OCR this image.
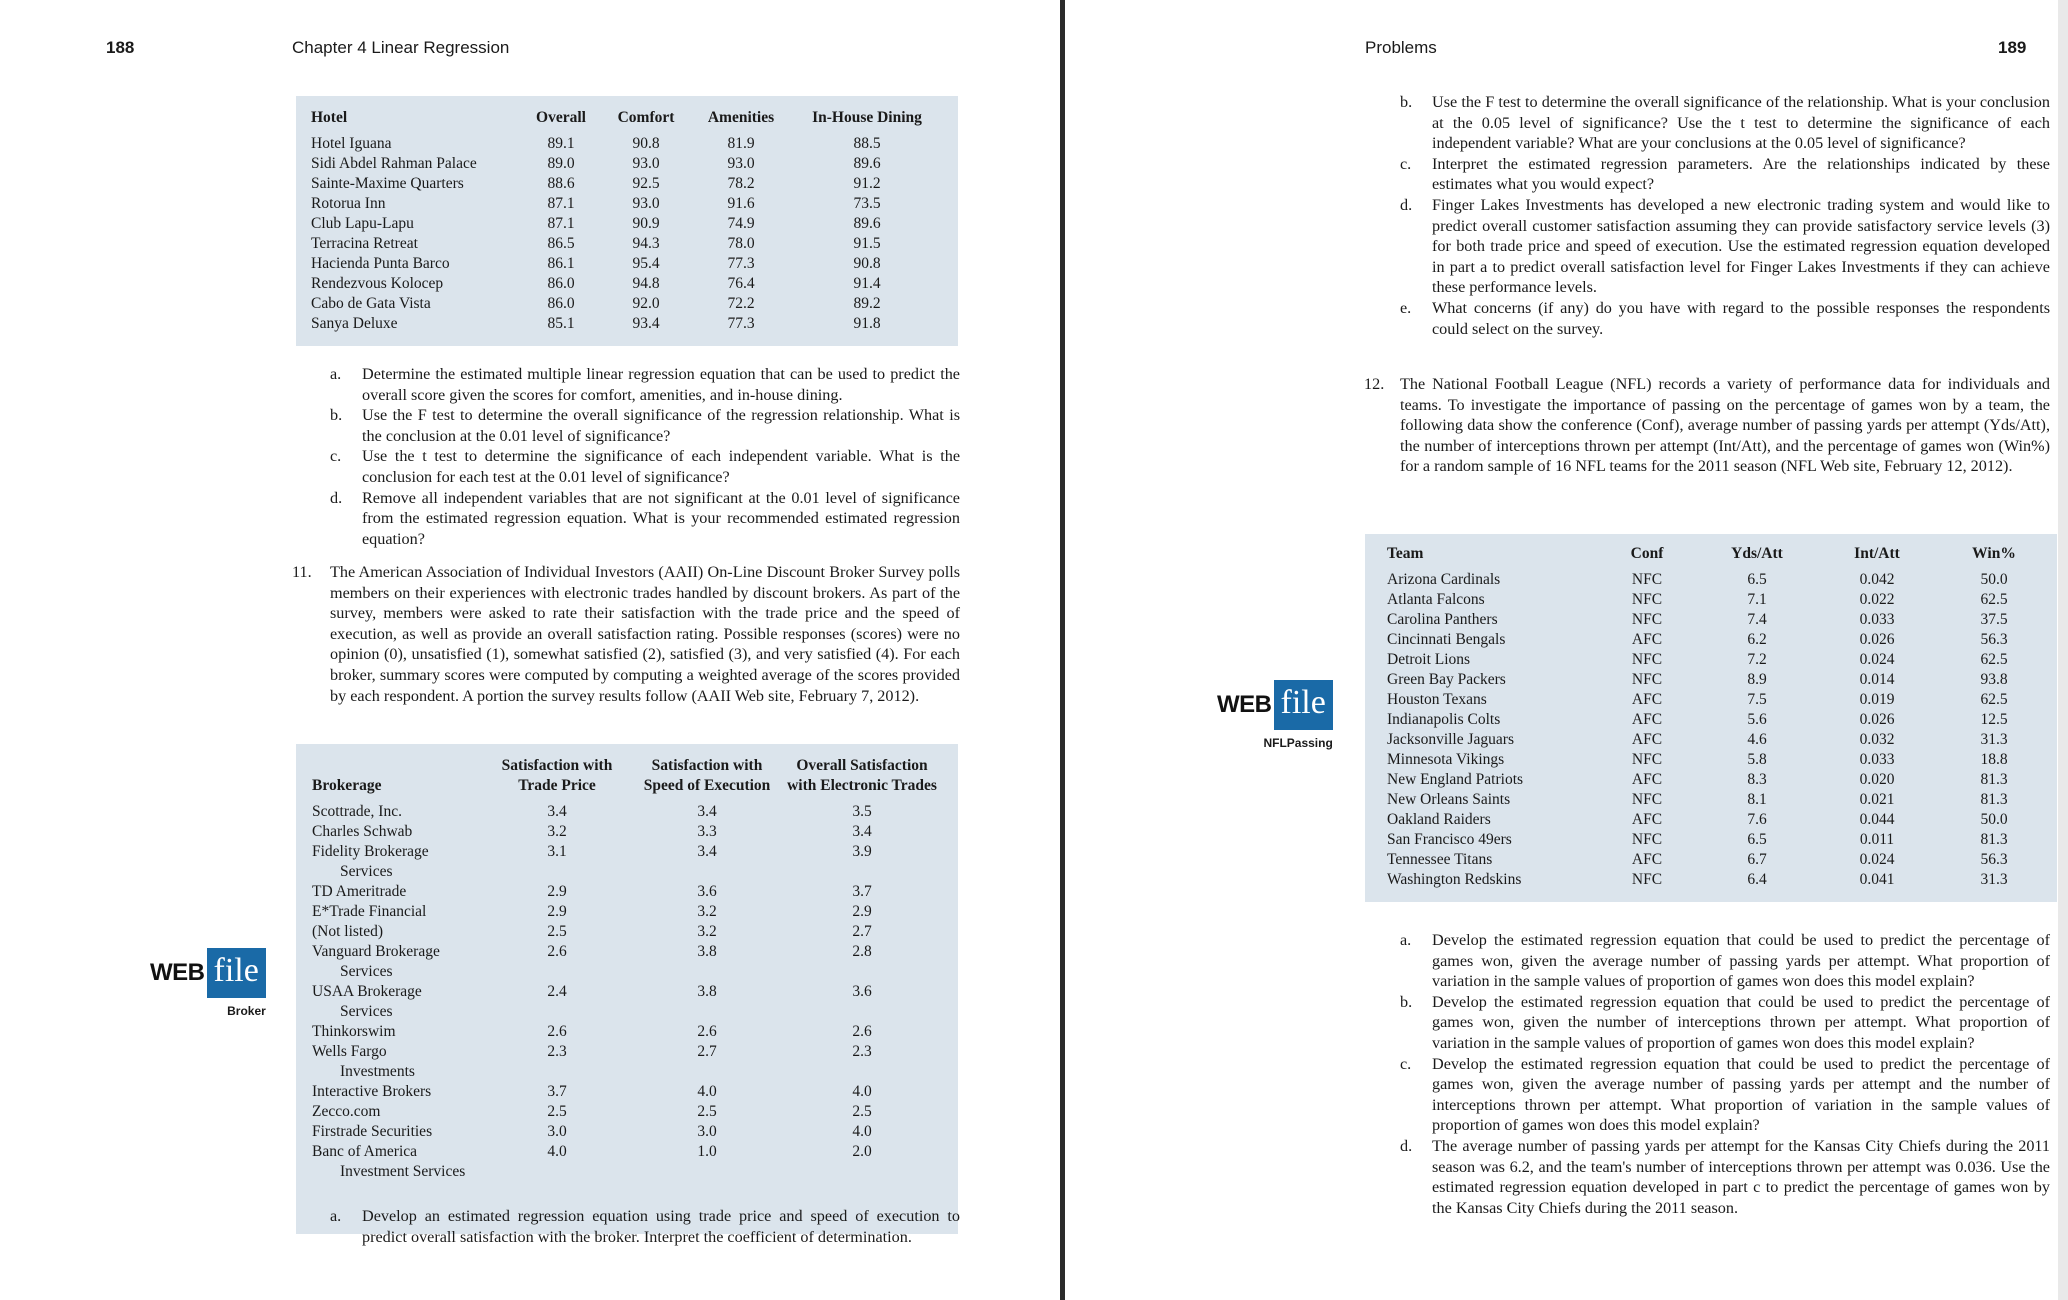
188	Chapter 4 Linear Regression
Hotel	Overall	Comfort	Amenities	In-House Dining
Hotel Iguana	89.1	90.8	81.9	88.5
Sidi Abdel Rahman Palace	89.0	93.0	93.0	89.6
Sainte-Maxime Quarters	88.6	92.5	78.2	91.2
Rotorua Inn	87.1	93.0	91.6	73.5
Club Lapu-Lapu	87.1	90.9	74.9	89.6
Terracina Retreat	86.5	94.3	78.0	91.5
Hacienda Punta Barco	86.1	95.4	77.3	90.8
Rendezvous Kolocep	86.0	94.8	76.4	91.4
Cabo de Gata Vista	86.0	92.0	72.2	89.2
Sanya Deluxe	85.1	93.4	77.3	91.8
a. Determine the estimated multiple linear regression equation that can be used to predict the overall score given the scores for comfort, amenities, and in-house dining.
b. Use the F test to determine the overall significance of the regression relationship. What is the conclusion at the 0.01 level of significance?
c. Use the t test to determine the significance of each independent variable. What is the conclusion for each test at the 0.01 level of significance?
d. Remove all independent variables that are not significant at the 0.01 level of significance from the estimated regression equation. What is your recommended estimated regression equation?
11.	The American Association of Individual Investors (AAII) On-Line Discount Broker Survey polls members on their experiences with electronic trades handled by discount brokers. As part of the survey, members were asked to rate their satisfaction with the trade price and the speed of execution, as well as provide an overall satisfaction rating. Possible responses (scores) were no opinion (0), unsatisfied (1), somewhat satisfied (2), satisfied (3), and very satisfied (4). For each broker, summary scores were computed by computing a weighted average of the scores provided by each respondent. A portion the survey results follow (AAII Web site, February 7, 2012).
	Satisfaction with	Satisfaction with	Overall Satisfaction
Brokerage	Trade Price	Speed of Execution	with Electronic Trades

Scottrade, Inc.	3.4	3.4	3.5

Charles Schwab	3.2	3.3	3.4

Fidelity Brokerage
Services	3.1	3.4	3.9

TD Ameritrade	2.9	3.6	3.7

E*Trade Financial	2.9	3.2	2.9

(Not listed)	2.5	3.2	2.7

Vanguard Brokerage
Services	2.6	3.8	2.8

USAA Brokerage
Services	2.4	3.8	3.6

Thinkorswim	2.6	2.6	2.6

Wells Fargo
Investments	2.3	2.7	2.3

Interactive Brokers	3.7	4.0	4.0

Zecco.com	2.5	2.5	2.5

Firstrade Securities	3.0	3.0	4.0

Banc of America
Investment Services	4.0	1.0	2.0
WEB file
Broker
a. Develop an estimated regression equation using trade price and speed of execution to predict overall satisfaction with the broker. Interpret the coefficient of determination.
Problems	189
b. Use the F test to determine the overall significance of the relationship. What is your conclusion at the 0.05 level of significance? Use the t test to determine the significance of each independent variable? What are your conclusions at the 0.05 level of significance?
c. Interpret the estimated regression parameters. Are the relationships indicated by these estimates what you would expect?
d. Finger Lakes Investments has developed a new electronic trading system and would like to predict overall customer satisfaction assuming they can provide satisfactory service levels (3) for both trade price and speed of execution. Use the estimated regression equation developed in part a to predict overall satisfaction level for Finger Lakes Investments if they can achieve these performance levels.
e. What concerns (if any) do you have with regard to the possible responses the respondents could select on the survey.
12. The National Football League (NFL) records a variety of performance data for individuals and teams. To investigate the importance of passing on the percentage of games won by a team, the following data show the conference (Conf), average number of passing yards per attempt (Yds/Att), the number of interceptions thrown per attempt (Int/Att), and the percentage of games won (Win%) for a random sample of 16 NFL teams for the 2011 season (NFL Web site, February 12, 2012).
Team	Conf	Yds/Att	Int/Att	Win%
Arizona Cardinals	NFC	6.5	0.042	50.0
Atlanta Falcons	NFC	7.1	0.022	62.5
Carolina Panthers	NFC	7.4	0.033	37.5
Cincinnati Bengals	AFC	6.2	0.026	56.3
Detroit Lions	NFC	7.2	0.024	62.5
Green Bay Packers	NFC	8.9	0.014	93.8
Houston Texans	AFC	7.5	0.019	62.5
Indianapolis Colts	AFC	5.6	0.026	12.5
Jacksonville Jaguars	AFC	4.6	0.032	31.3
Minnesota Vikings	NFC	5.8	0.033	18.8
New England Patriots	AFC	8.3	0.020	81.3
New Orleans Saints	NFC	8.1	0.021	81.3
Oakland Raiders	AFC	7.6	0.044	50.0
San Francisco 49ers	NFC	6.5	0.011	81.3
Tennessee Titans	AFC	6.7	0.024	56.3
Washington Redskins	NFC	6.4	0.041	31.3
WEB file
NFLPassing
a. Develop the estimated regression equation that could be used to predict the percentage of games won, given the average number of passing yards per attempt. What proportion of variation in the sample values of proportion of games won does this model explain?
b. Develop the estimated regression equation that could be used to predict the percentage of games won, given the number of interceptions thrown per attempt. What proportion of variation in the sample values of proportion of games won does this model explain?
c. Develop the estimated regression equation that could be used to predict the percentage of games won, given the average number of passing yards per attempt and the number of interceptions thrown per attempt. What proportion of variation in the sample values of proportion of games won does this model explain?
d. The average number of passing yards per attempt for the Kansas City Chiefs during the 2011 season was 6.2, and the team's number of interceptions thrown per attempt was 0.036. Use the estimated regression equation developed in part c to predict the percentage of games won by the Kansas City Chiefs during the 2011 season.
